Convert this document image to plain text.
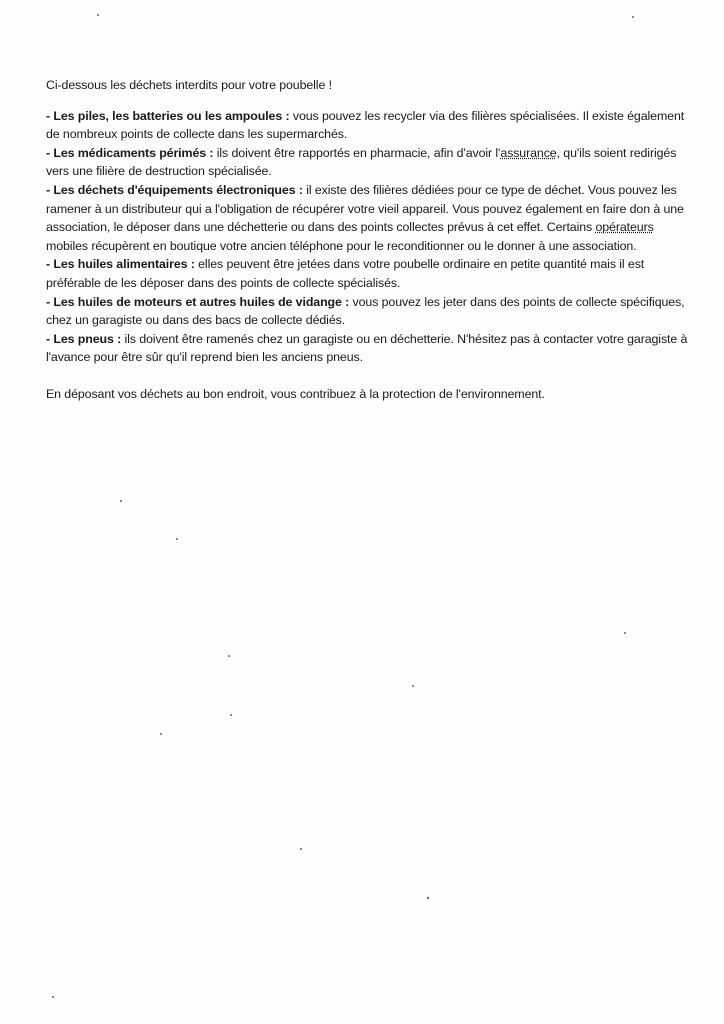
Ci-dessous les déchets interdits pour votre poubelle !

- Les piles, les batteries ou les ampoules : vous pouvez les recycler via des filières spécialisées. Il existe également de nombreux points de collecte dans les supermarchés.

- Les médicaments périmés : ils doivent être rapportés en pharmacie, afin d'avoir l'assurance, qu'ils soient redirigés vers une filière de destruction spécialisée.

- Les déchets d'équipements électroniques : il existe des filières dédiées pour ce type de déchet. Vous pouvez les ramener à un distributeur qui a l'obligation de récupérer votre vieil appareil. Vous pouvez également en faire don à une association, le déposer dans une déchetterie ou dans des points collectes prévus à cet effet. Certains opérateurs mobiles récupèrent en boutique votre ancien téléphone pour le reconditionner ou le donner à une association.

- Les huiles alimentaires : elles peuvent être jetées dans votre poubelle ordinaire en petite quantité mais il est préférable de les déposer dans des points de collecte spécialisés.

- Les huiles de moteurs et autres huiles de vidange : vous pouvez les jeter dans des points de collecte spécifiques, chez un garagiste ou dans des bacs de collecte dédiés.

- Les pneus : ils doivent être ramenés chez un garagiste ou en déchetterie. N'hésitez pas à contacter votre garagiste à l'avance pour être sûr qu'il reprend bien les anciens pneus.

En déposant vos déchets au bon endroit, vous contribuez à la protection de l'environnement.
